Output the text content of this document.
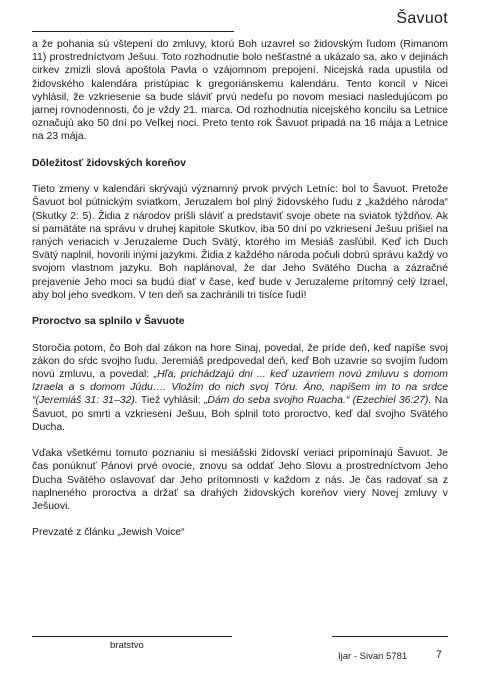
Šavuot

a že pohania sú vštepení do zmluvy, ktorú Boh uzavrel so židovským ľudom (Rimanom 11) prostredníctvom Ješuu. Toto rozhodnutie bolo nešťastné a ukázalo sa, ako v dejinách cirkev zmizli slová apoštola Pavla o vzájomnom prepojení. Nicejská rada upustila od židovského kalendára pristúpiac k gregoriánskemu kalendáru. Tento koncil v Nicei vyhlásil, že vzkriesenie sa bude sláviť prvú nedeľu po novom mesiaci nasledujúcom po jarnej rovnodennosti, čo je vždy 21. marca. Od rozhodnutia nicejského koncilu sa Letnice označujú ako 50 dní po Veľkej noci. Preto tento rok Šavuot pripadá na 16 mája a Letnice na 23 mája.

Dôležitosť židovských koreňov

Tieto zmeny v kalendári skrývajú významný prvok prvých Letníc: bol to Šavuot. Pretože Šavuot bol pútnickým sviatkom, Jeruzalem bol plný židovského ľudu z „každého národa“ (Skutky 2: 5). Židia z národov prišli sláviť a predstaviť svoje obete na sviatok týždňov. Ak si pamätáte na správu v druhej kapitole Skutkov, iba 50 dní po vzkriesení Ješuu prišiel na raných veriacich v Jeruzaleme Duch Svätý, ktorého im Mesiáš zasľúbil. Keď ich Duch Svätý naplnil, hovorili inými jazykmi. Židia z každého národa počuli dobrú správu každý vo svojom vlastnom jazyku. Boh naplánoval, že dar Jeho Svätého Ducha a zázračné prejavenie Jeho moci sa budú diať v čase, keď bude v Jeruzaleme prítomný celý Izrael, aby bol jeho svedkom. V ten deň sa zachránili tri tisíce ľudí!

Proroctvo sa splnilo v Šavuote

Storočia potom, čo Boh dal zákon na hore Sinaj, povedal, že príde deň, keď napíše svoj zákon do sŕdc svojho ľudu. Jeremiáš predpovedal deň, keď Boh uzavrie so svojím ľudom novú zmluvu, a povedal: „Hľa, prichádzajú dni ... keď uzavriem novú zmluvu s domom Izraela a s domom Júdu…. Vložím do nich svoj Tóru. Áno, napíšem im to na srdce “(Jeremiáš 31: 31–32). Tiež vyhlásil: „Dám do seba svojho Ruacha.“ (Ezechiel 36:27). Na Šavuot, po smrti a vzkriesení Ješuu, Boh splnil toto proroctvo, keď dal svojho Svätého Ducha.

Vďaka všetkému tomuto poznaniu si mesiášski židovskí veriaci pripomínajú Šavuot. Je čas ponúknuť Pánovi prvé ovocie, znovu sa oddať Jeho Slovu a prostredníctvom Jeho Ducha Svätého oslavovať dar Jeho prítomnosti v každom z nás. Je čas radovať sa z naplneného proroctva a držať sa drahých židovských koreňov viery Novej zmluvy v Ješuovi.

Prevzaté z článku „Jewish Voice“

bratstvo
Ijar - Sivan 5781	7
